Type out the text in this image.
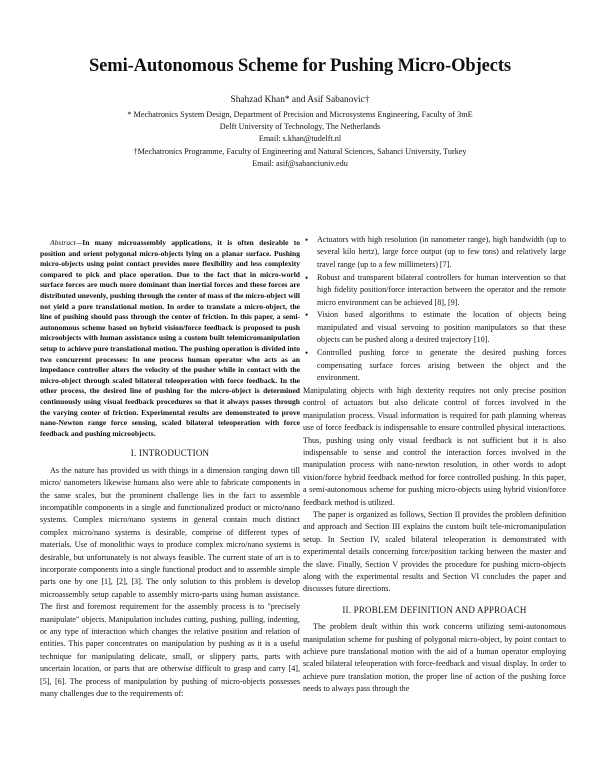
Semi-Autonomous Scheme for Pushing Micro-Objects
Shahzad Khan* and Asif Sabanovic†
* Mechatronics System Design, Department of Precision and Microsystems Engineering, Faculty of 3mE
Delft University of Technology, The Netherlands
Email: s.khan@tudelft.nl
†Mechatronics Programme, Faculty of Engineering and Natural Sciences, Sabanci University, Turkey
Email: asif@sabanciuniv.edu

Abstract—In many microassembly applications, it is often desirable to position and orient polygonal micro-objects lying on a planar surface. Pushing micro-objects using point contact provides more flexibility and less complexity compared to pick and place operation. Due to the fact that in micro-world surface forces are much more dominant than inertial forces and these forces are distributed unevenly, pushing through the center of mass of the micro-object will not yield a pure translational motion. In order to translate a micro-object, the line of pushing should pass through the center of friction. In this paper, a semi-autonomous scheme based on hybrid vision/force feedback is proposed to push microobjects with human assistance using a custom built telemicromanipulation setup to achieve pure translational motion. The pushing operation is divided into two concurrent processes: In one process human operator who acts as an impedance controller alters the velocity of the pusher while in contact with the micro-object through scaled bilateral teleoperation with force feedback. In the other process, the desired line of pushing for the micro-object is determined continuously using visual feedback procedures so that it always passes through the varying center of friction. Experimental results are demonstrated to prove nano-Newton range force sensing, scaled bilateral teleoperation with force feedback and pushing microobjects.

I. INTRODUCTION

As the nature has provided us with things in a dimension ranging down till micro/ nanometers likewise humans also were able to fabricate components in the same scales, but the prominent challenge lies in the fact to assemble incompatible components in a single and functionalized product or micro/nano systems. Complex micro/nano systems in general contain much distinct complex micro/nano systems is desirable, comprise of different types of materials. Use of monolithic ways to produce complex micro/nano systems is desirable, but unfortunately is not always feasible. The current state of art is to incorporate components into a single functional product and to assemble simple parts one by one [1], [2], [3]. The only solution to this problem is develop microassembly setup capable to assembly micro-parts using human assistance. The first and foremost requirement for the assembly process is to "precisely manipulate" objects. Manipulation includes cutting, pushing, pulling, indenting, or any type of interaction which changes the relative position and relation of entities. This paper concentrates on manipulation by pushing as it is a useful technique for manipulating delicate, small, or slippery parts, parts with uncertain location, or parts that are otherwise difficult to grasp and carry [4], [5], [6]. The process of manipulation by pushing of micro-objects possesses many challenges due to the requirements of:

• Actuators with high resolution (in nanometer range), high bandwidth (up to several kilo hertz), large force output (up to few tons) and relatively large travel range (up to a few millimeters) [7].
• Robust and transparent bilateral controllers for human intervention so that high fidelity position/force interaction between the operator and the remote micro environment can be achieved [8], [9].
• Vision based algorithms to estimate the location of objects being manipulated and visual servoing to position manipulators so that these objects can be pushed along a desired trajectory [10].
• Controlled pushing force to generate the desired pushing forces compensating surface forces arising between the object and the environment.

Manipulating objects with high dexterity requires not only precise position control of actuators but also delicate control of forces involved in the manipulation process. Visual information is required for path planning whereas use of force feedback is indispensable to ensure controlled physical interactions. Thus, pushing using only visual feedback is not sufficient but it is also indispensable to sense and control the interaction forces involved in the manipulation process with nano-newton resolution, in other words to adopt vision/force hybrid feedback method for force controlled pushing. In this paper, a semi-autonomous scheme for pushing micro-objects using hybrid vision/force feedback method is utilized.

The paper is organized as follows, Section II provides the problem definition and approach and Section III explains the custom built tele-micromanipulation setup. In Section IV, scaled bilateral teleoperation is demonstrated with experimental details concerning force/position tacking between the master and the slave. Finally, Section V provides the procedure for pushing micro-objects along with the experimental results and Section VI concludes the paper and discusses future directions.

II. PROBLEM DEFINITION AND APPROACH

The problem dealt within this work concerns utilizing semi-autonomous manipulation scheme for pushing of polygonal micro-object, by point contact to achieve pure translational motion with the aid of a human operator employing scaled bilateral teleoperation with force-feedback and visual display. In order to achieve pure translation motion, the proper line of action of the pushing force needs to always pass through the
